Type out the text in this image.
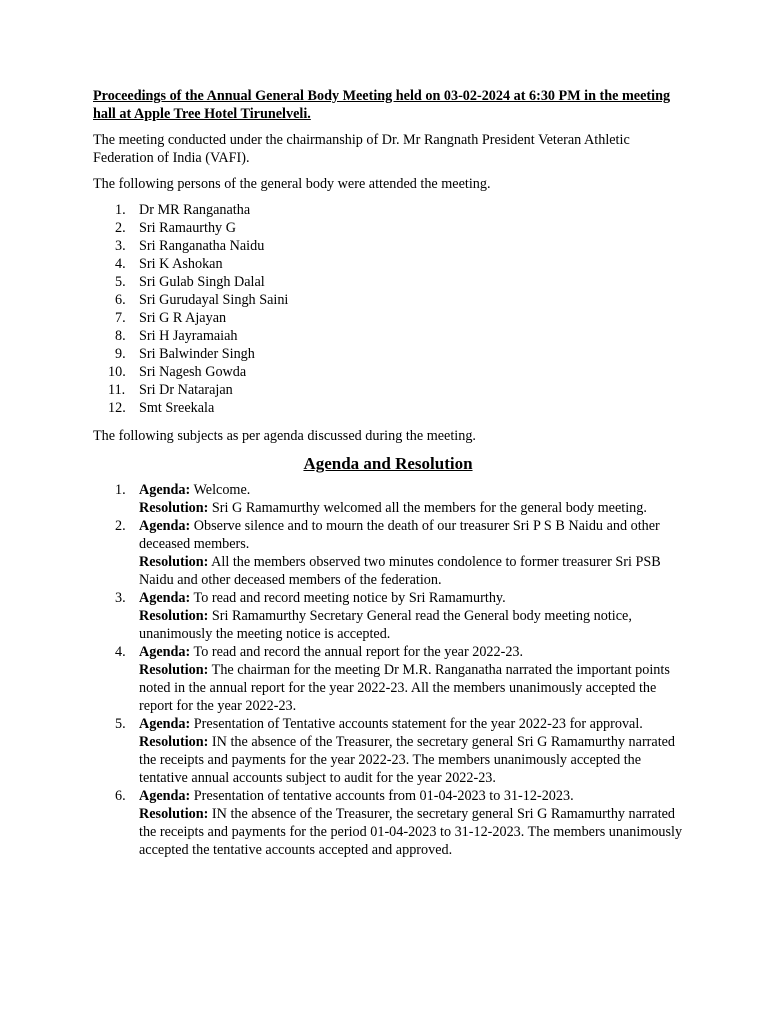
Proceedings of the Annual General Body Meeting held on 03-02-2024 at 6:30 PM in the meeting hall at Apple Tree Hotel Tirunelveli.

The meeting conducted under the chairmanship of Dr. Mr Rangnath President Veteran Athletic Federation of India (VAFI).

The following persons of the general body were attended the meeting.

1. Dr MR Ranganatha
2. Sri Ramaurthy G
3. Sri Ranganatha Naidu
4. Sri K Ashokan
5. Sri Gulab Singh Dalal
6. Sri Gurudayal Singh Saini
7. Sri G R Ajayan
8. Sri H Jayramaiah
9. Sri Balwinder Singh
10. Sri Nagesh Gowda
11. Sri Dr Natarajan
12. Smt Sreekala

The following subjects as per agenda discussed during the meeting.

Agenda and Resolution
1. Agenda: Welcome.
Resolution: Sri G Ramamurthy welcomed all the members for the general body meeting.
2. Agenda: Observe silence and to mourn the death of our treasurer Sri P S B Naidu and other deceased members.
Resolution: All the members observed two minutes condolence to former treasurer Sri PSB Naidu and other deceased members of the federation.
3. Agenda: To read and record meeting notice by Sri Ramamurthy.
Resolution: Sri Ramamurthy Secretary General read the General body meeting notice, unanimously the meeting notice is accepted.
4. Agenda: To read and record the annual report for the year 2022-23.
Resolution: The chairman for the meeting Dr M.R. Ranganatha narrated the important points noted in the annual report for the year 2022-23. All the members unanimously accepted the report for the year 2022-23.
5. Agenda: Presentation of Tentative accounts statement for the year 2022-23 for approval.
Resolution: IN the absence of the Treasurer, the secretary general Sri G Ramamurthy narrated the receipts and payments for the year 2022-23. The members unanimously accepted the tentative annual accounts subject to audit for the year 2022-23.
6. Agenda: Presentation of tentative accounts from 01-04-2023 to 31-12-2023.
Resolution: IN the absence of the Treasurer, the secretary general Sri G Ramamurthy narrated the receipts and payments for the period 01-04-2023 to 31-12-2023. The members unanimously accepted the tentative accounts accepted and approved.
